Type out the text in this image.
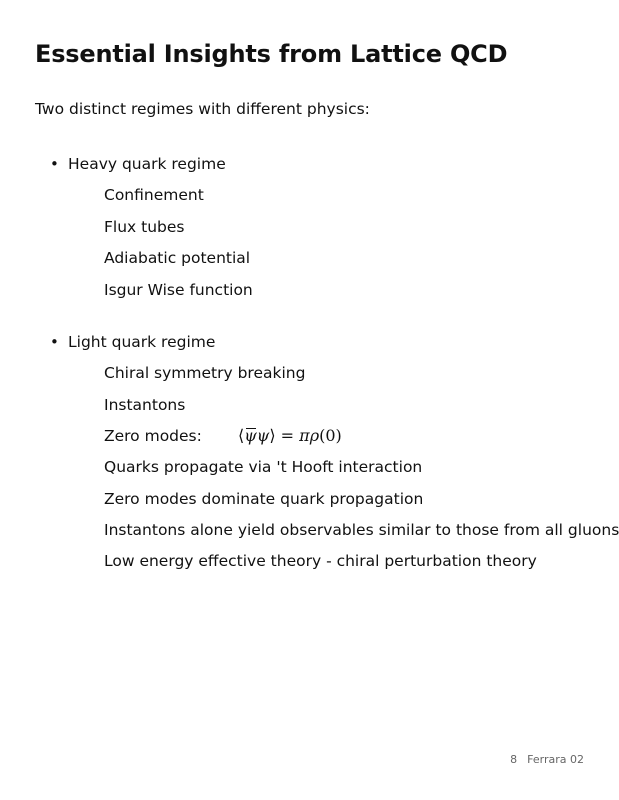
Essential Insights from Lattice QCD
Two distinct regimes with different physics:
• Heavy quark regime
Confinement
Flux tubes
Adiabatic potential
Isgur Wise function
• Light quark regime
Chiral symmetry breaking
Instantons
Zero modes: ⟨ψψ⟩ = πρ(0)
Quarks propagate via 't Hooft interaction
Zero modes dominate quark propagation
Instantons alone yield observables similar to those from all gluons
Low energy effective theory - chiral perturbation theory
8 Ferrara 02
